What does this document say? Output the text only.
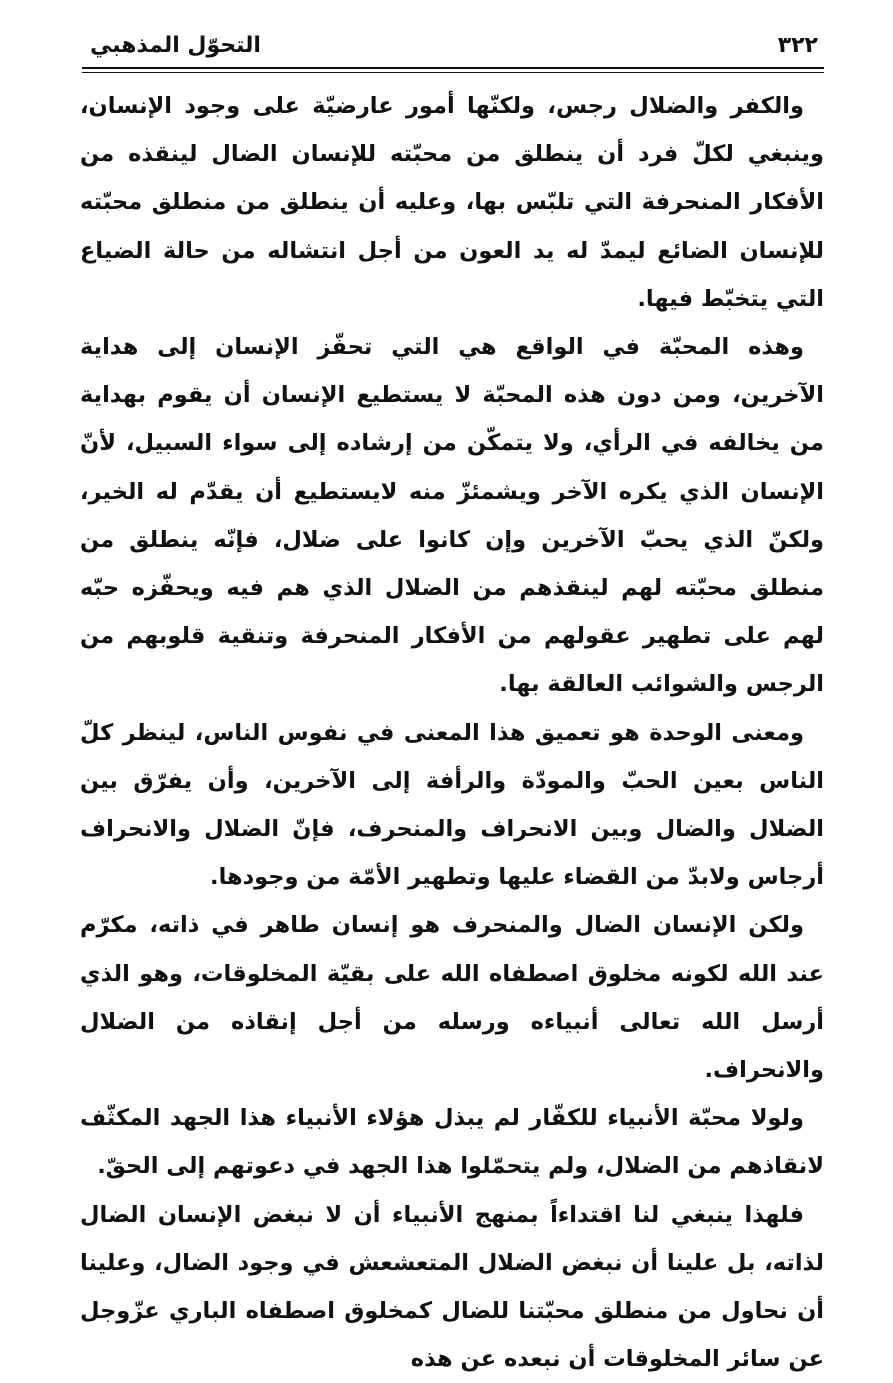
٣٢٢
التحوّل المذهبي

والكفر والضلال رجس، ولكنّها أمور عارضيّة على وجود الإنسان، وينبغي لكلّ فرد أن ينطلق من محبّته للإنسان الضال لينقذه من الأفكار المنحرفة التي تلبّس بها، وعليه أن ينطلق من منطلق محبّته للإنسان الضائع ليمدّ له يد العون من أجل انتشاله من حالة الضياع التي يتخبّط فيها.

وهذه المحبّة في الواقع هي التي تحفّز الإنسان إلى هداية الآخرين، ومن دون هذه المحبّة لا يستطيع الإنسان أن يقوم بهداية من يخالفه في الرأي، ولا يتمكّن من إرشاده إلى سواء السبيل، لأنّ الإنسان الذي يكره الآخر ويشمئزّ منه لايستطيع أن يقدّم له الخير، ولكنّ الذي يحبّ الآخرين وإن كانوا على ضلال، فإنّه ينطلق من منطلق محبّته لهم لينقذهم من الضلال الذي هم فيه ويحفّزه حبّه لهم على تطهير عقولهم من الأفكار المنحرفة وتنقية قلوبهم من الرجس والشوائب العالقة بها.

ومعنى الوحدة هو تعميق هذا المعنى في نفوس الناس، لينظر كلّ الناس بعين الحبّ والمودّة والرأفة إلى الآخرين، وأن يفرّق بين الضلال والضال وبين الانحراف والمنحرف، فإنّ الضلال والانحراف أرجاس ولابدّ من القضاء عليها وتطهير الأمّة من وجودها.

ولكن الإنسان الضال والمنحرف هو إنسان طاهر في ذاته، مكرّم عند الله لكونه مخلوق اصطفاه الله على بقيّة المخلوقات، وهو الذي أرسل الله تعالى أنبياءه ورسله من أجل إنقاذه من الضلال والانحراف.

ولولا محبّة الأنبياء للكفّار لم يبذل هؤلاء الأنبياء هذا الجهد المكثّف لانقاذهم من الضلال، ولم يتحمّلوا هذا الجهد في دعوتهم إلى الحقّ.

فلهذا ينبغي لنا اقتداءاً بمنهج الأنبياء أن لا نبغض الإنسان الضال لذاته، بل علينا أن نبغض الضلال المتعشعش في وجود الضال، وعلينا أن نحاول من منطلق محبّتنا للضال كمخلوق اصطفاه الباري عزّوجل عن سائر المخلوقات أن نبعده عن هذه
